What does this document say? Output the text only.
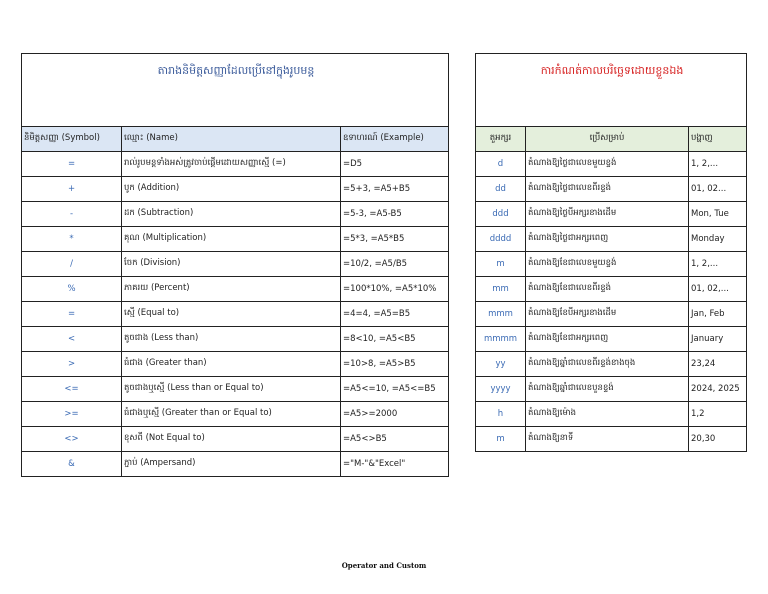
តារាងនិមិត្តសញ្ញាដែលប្រើនៅក្នុងរូបមន្ត		
និមិត្តសញ្ញា (Symbol)	ឈ្មោះ (Name)	ឧទាហរណ៍ (Example)
=	រាល់រូបមន្តទាំងអស់ត្រូវចាប់ផ្តើមដោយសញ្ញាស្មើ (=)	=D5
+	បូក (Addition)	=5+3, =A5+B5
-	ដក (Subtraction)	=5-3, =A5-B5
*	គុណ (Multiplication)	=5*3, =A5*B5
/	ចែក (Division)	=10/2, =A5/B5
%	ភាគរយ (Percent)	=100*10%, =A5*10%
=	ស្មើ (Equal to)	=4=4, =A5=B5
<	តូចជាង (Less than)	=8<10, =A5<B5
>	ធំជាង (Greater than)	=10>8, =A5>B5
<=	តូចជាងឬស្មើ (Less than or Equal to)	=A5<=10, =A5<=B5
>=	ធំជាងឬស្មើ (Greater than or Equal to)	=A5>=2000
<>	ខុសពី (Not Equal to)	=A5<>B5
&	ភ្ជាប់ (Ampersand)	="M-"&"Excel"
ការកំណត់កាលបរិច្ឆេទដោយខ្លួនឯង		
តួអក្សរ	ប្រើសម្រាប់	បង្ហាញ
d	តំណាងឱ្យថ្ងៃជាលេខមួយខ្ទង់	1, 2,...
dd	តំណាងឱ្យថ្ងៃជាលេខពីរខ្ទង់	01, 02...
ddd	តំណាងឱ្យថ្ងៃបីអក្សរខាងដើម	Mon, Tue
dddd	តំណាងឱ្យថ្ងៃជាអក្សរពេញ	Monday
m	តំណាងឱ្យខែជាលេខមួយខ្ទង់	1, 2,...
mm	តំណាងឱ្យខែជាលេខពីរខ្ទង់	01, 02,...
mmm	តំណាងឱ្យខែបីអក្សរខាងដើម	Jan, Feb
mmmm	តំណាងឱ្យខែជាអក្សរពេញ	January
yy	តំណាងឱ្យឆ្នាំជាលេខពីរខ្ទង់ខាងចុង	23,24
yyyy	តំណាងឱ្យឆ្នាំជាលេខបួនខ្ទង់	2024, 2025
h	តំណាងឱ្យម៉ោង	1,2
m	តំណាងឱ្យនាទី	20,30
Operator and Custom
